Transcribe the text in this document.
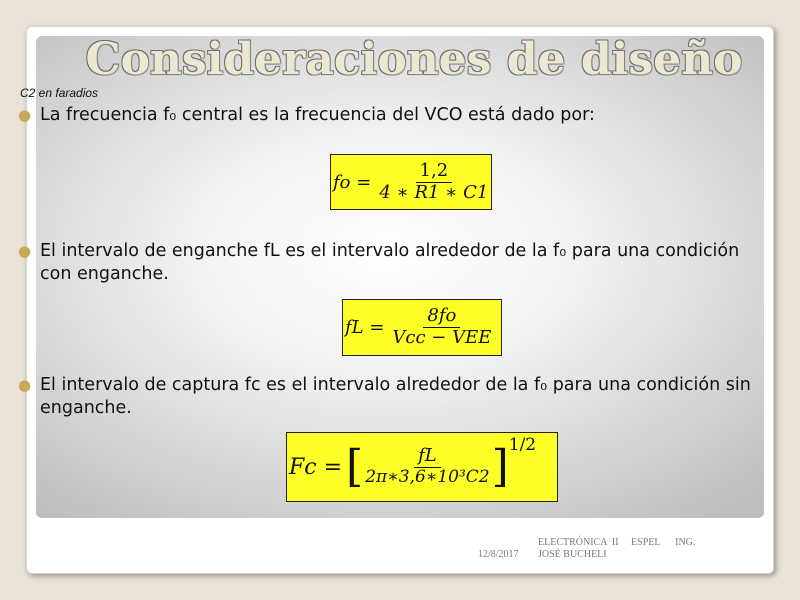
Consideraciones de diseño
C2 en faradios
● La frecuencia f₀ central es la frecuencia del VCO está dado por:
fo = $\frac{1,2}{4 ∗ R1 ∗ C1}$
● El intervalo de enganche fL es el intervalo alrededor de la f₀ para una condición con enganche.
fL = $\frac{8fo}{\text{Vcc − VEE}}$
● El intervalo de captura fc es el intervalo alrededor de la f₀ para una condición sin enganche.
Fc = [ $\frac{fL}{\text{2π∗3,6∗10³C2}}$ ] 1/2
12/8/2017
ELECTRÓNICA  II     ESPEL      ING.
JOSÉ BUCHELI
